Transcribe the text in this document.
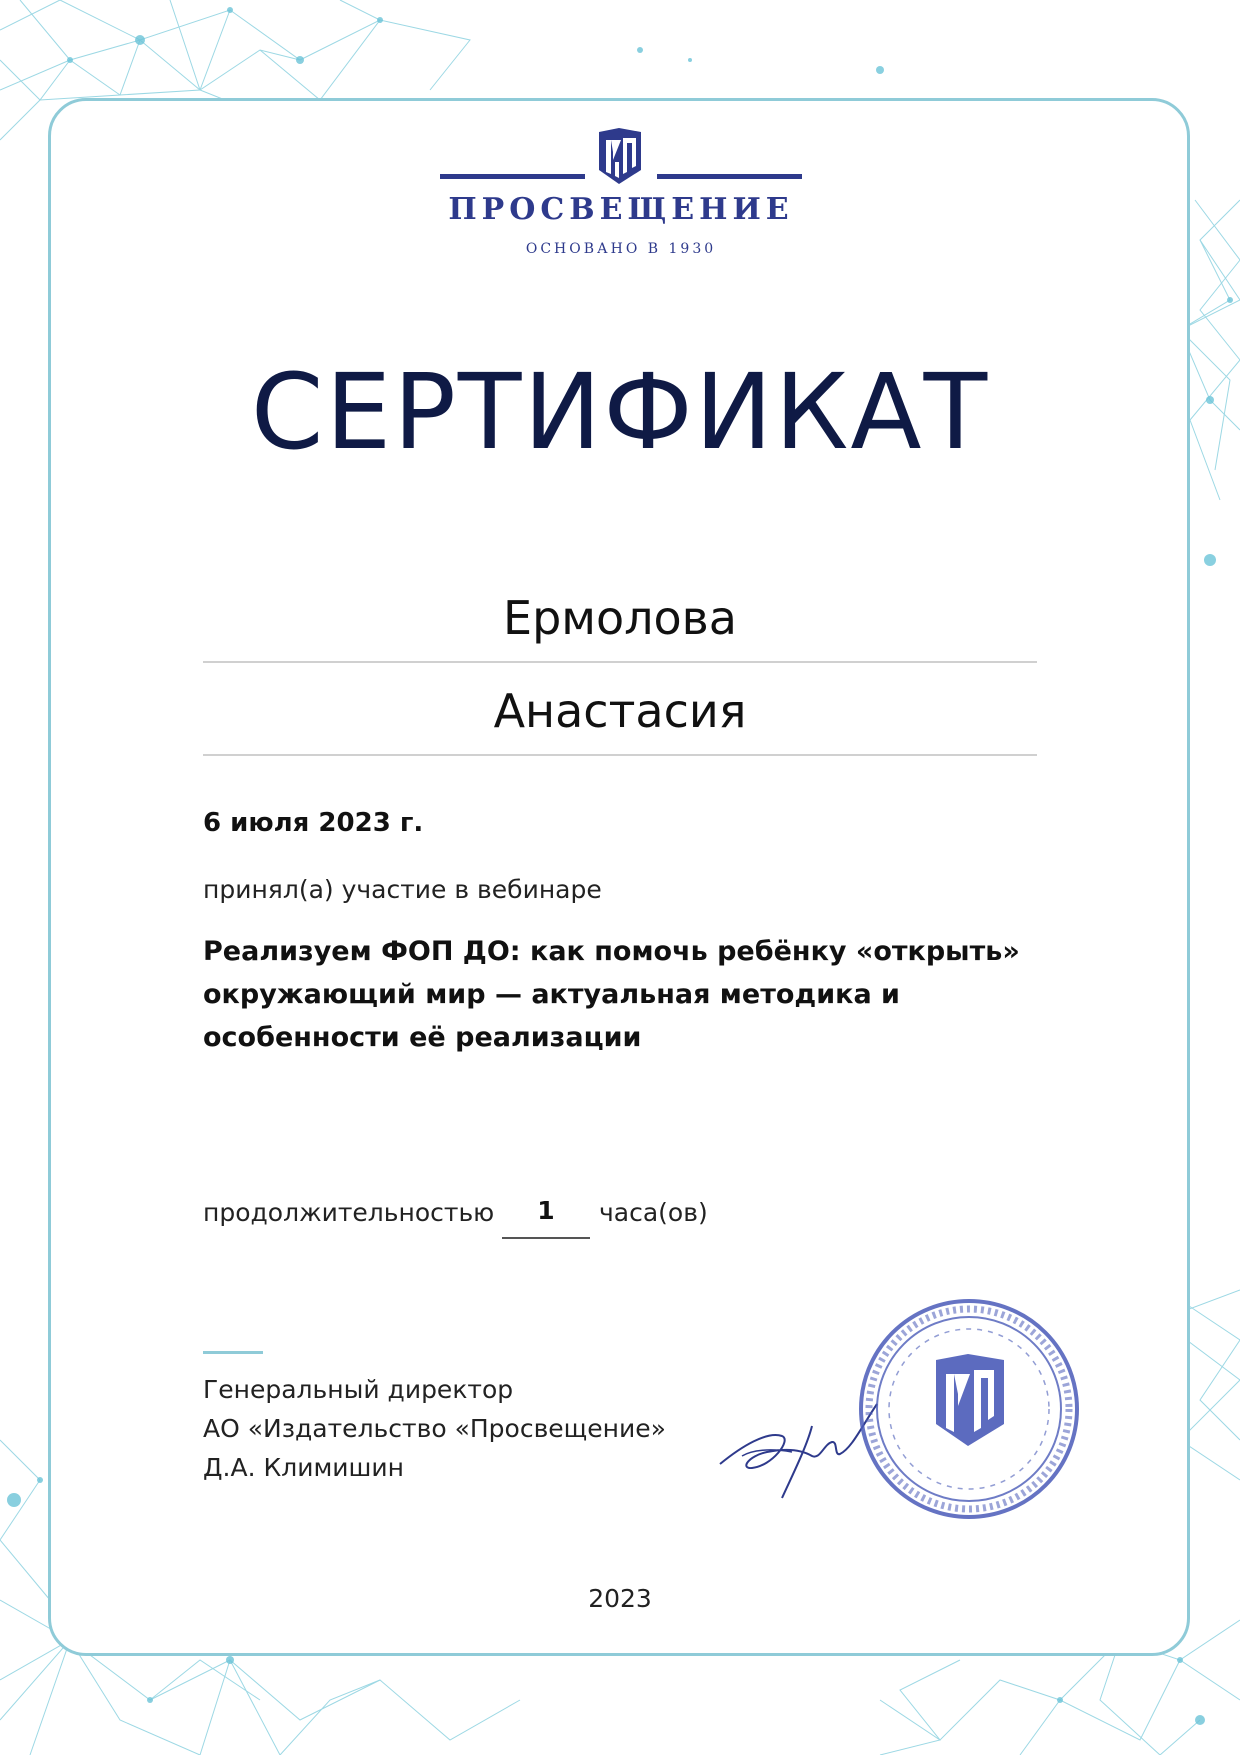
ПРОСВЕЩЕНИЕ
ОСНОВАНО В 1930
СЕРТИФИКАТ
Ермолова
Анастасия
6 июля 2023 г.
принял(а) участие в вебинаре
Реализуем ФОП ДО: как помочь ребёнку «открыть»
окружающий мир — актуальная методика и
особенности её реализации
продолжительностью	1	часа(ов)
Генеральный директор
АО «Издательство «Просвещение»
Д.А. Климишин
2023
